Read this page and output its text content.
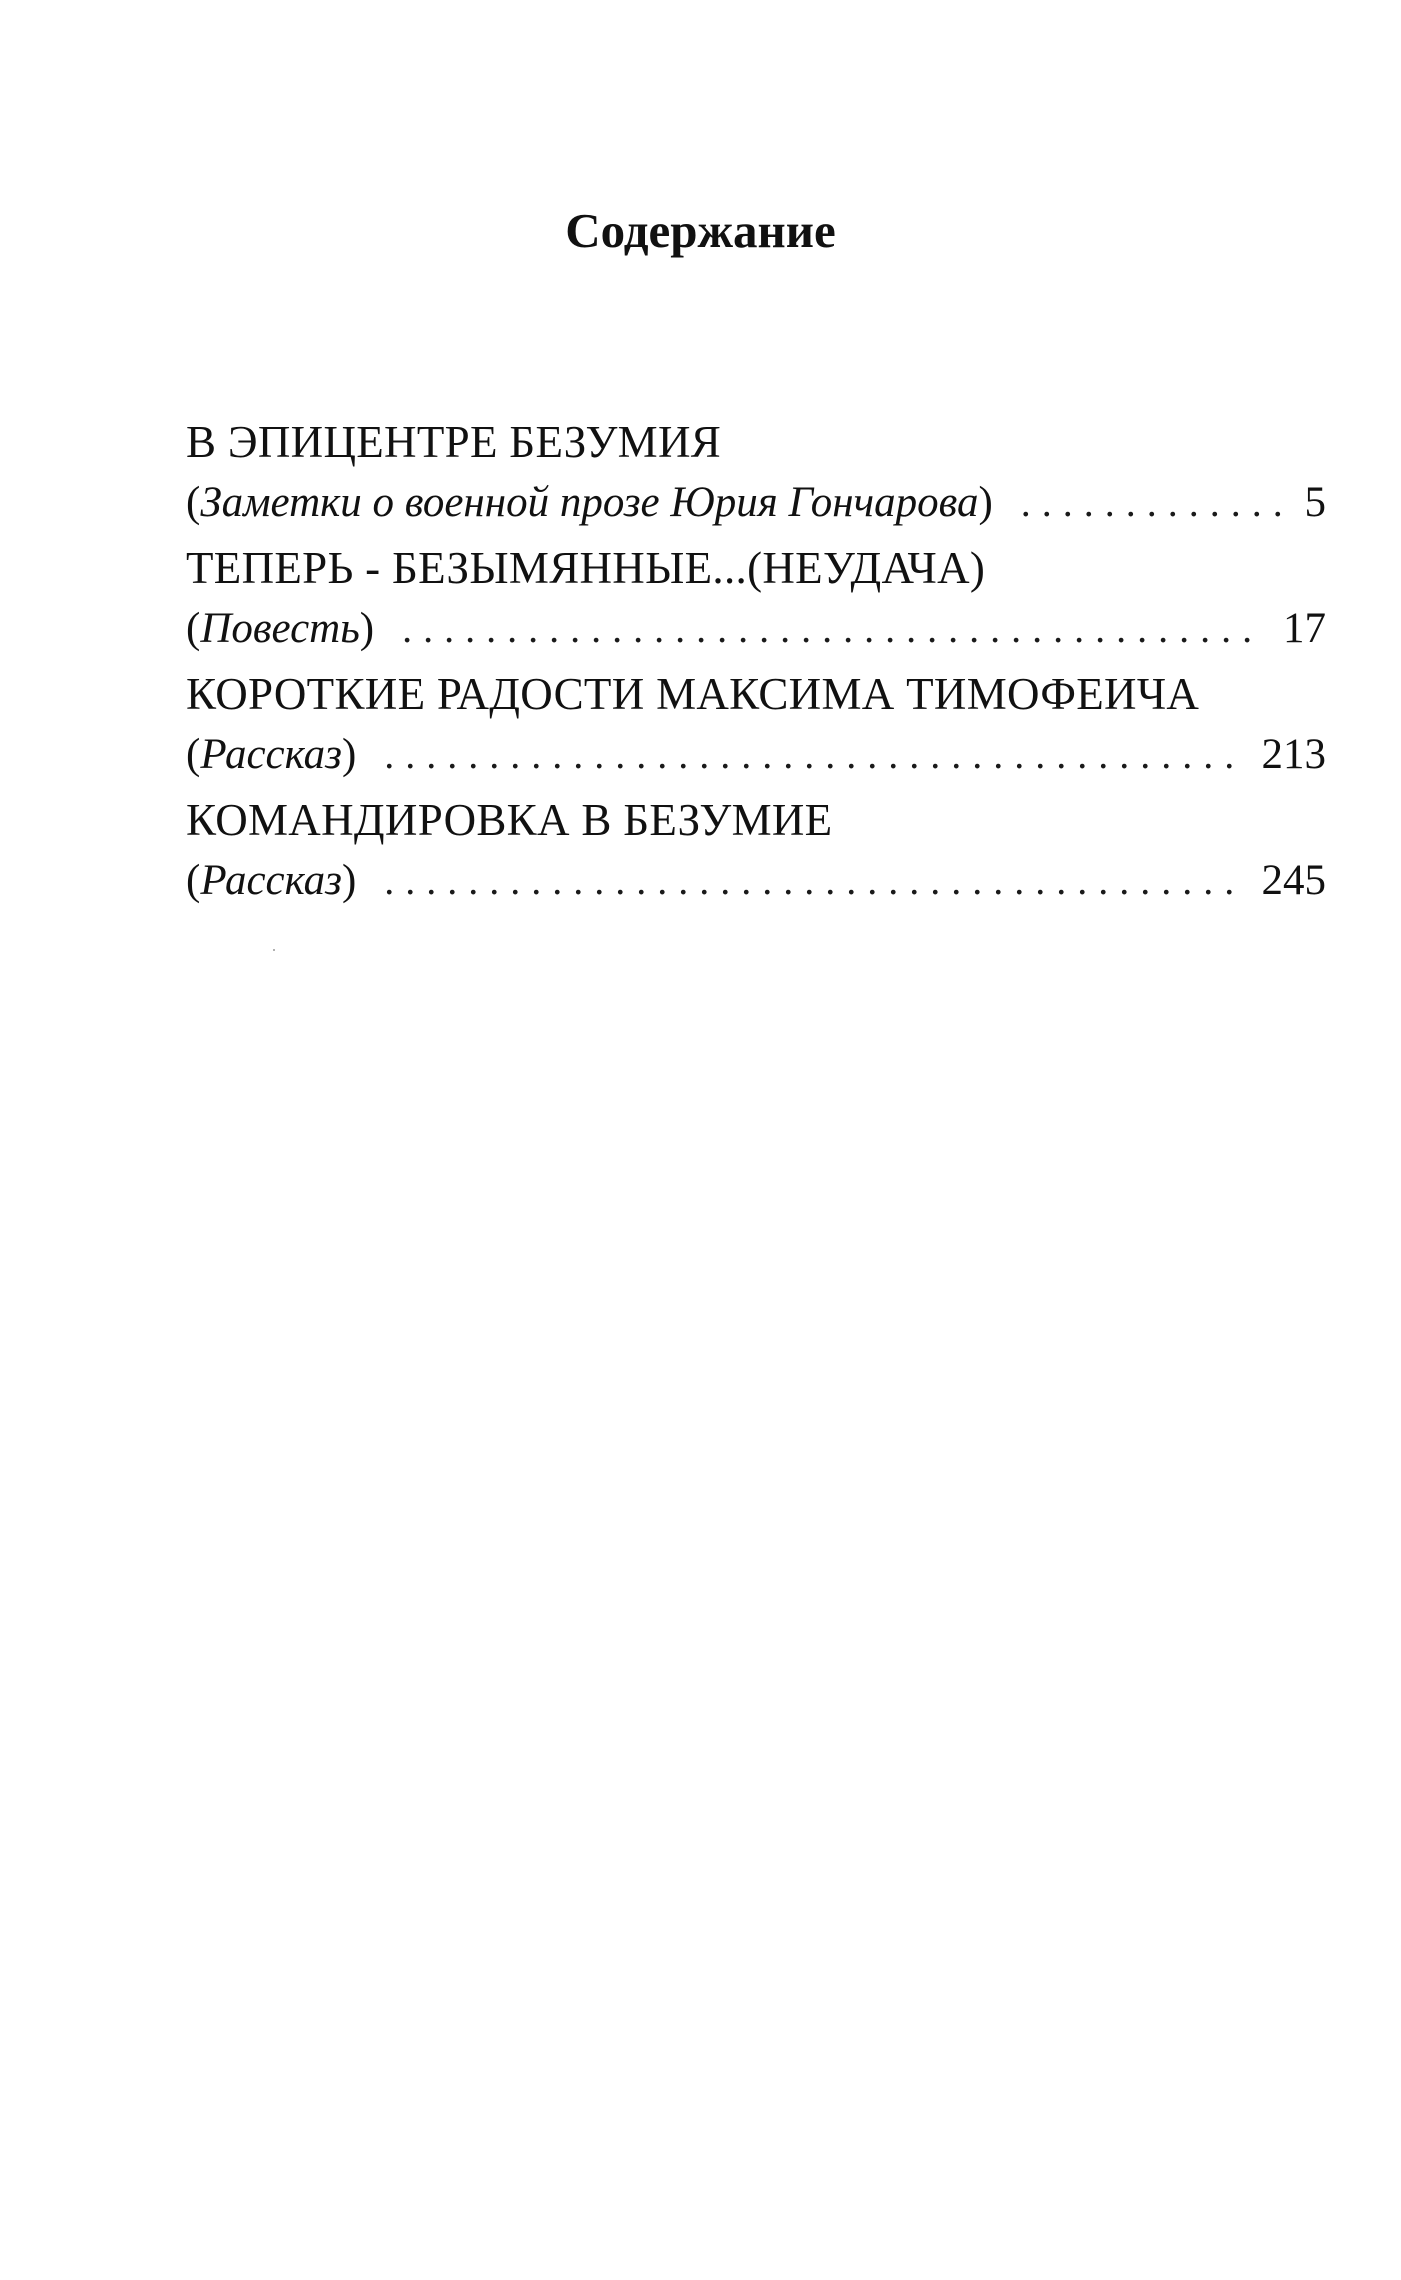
Содержание
В ЭПИЦЕНТРЕ БЕЗУМИЯ
( Заметки о военной прозе Юрия Гончарова ) . . .	5
ТЕПЕРЬ - БЕЗЫМЯННЫЕ...(НЕУДАЧА)
( Повесть ) . . .	17
КОРОТКИЕ РАДОСТИ МАКСИМА ТИМОФЕИЧА
( Рассказ ) . . .	213
КОМАНДИРОВКА В БЕЗУМИЕ
( Рассказ ) . . .	245
